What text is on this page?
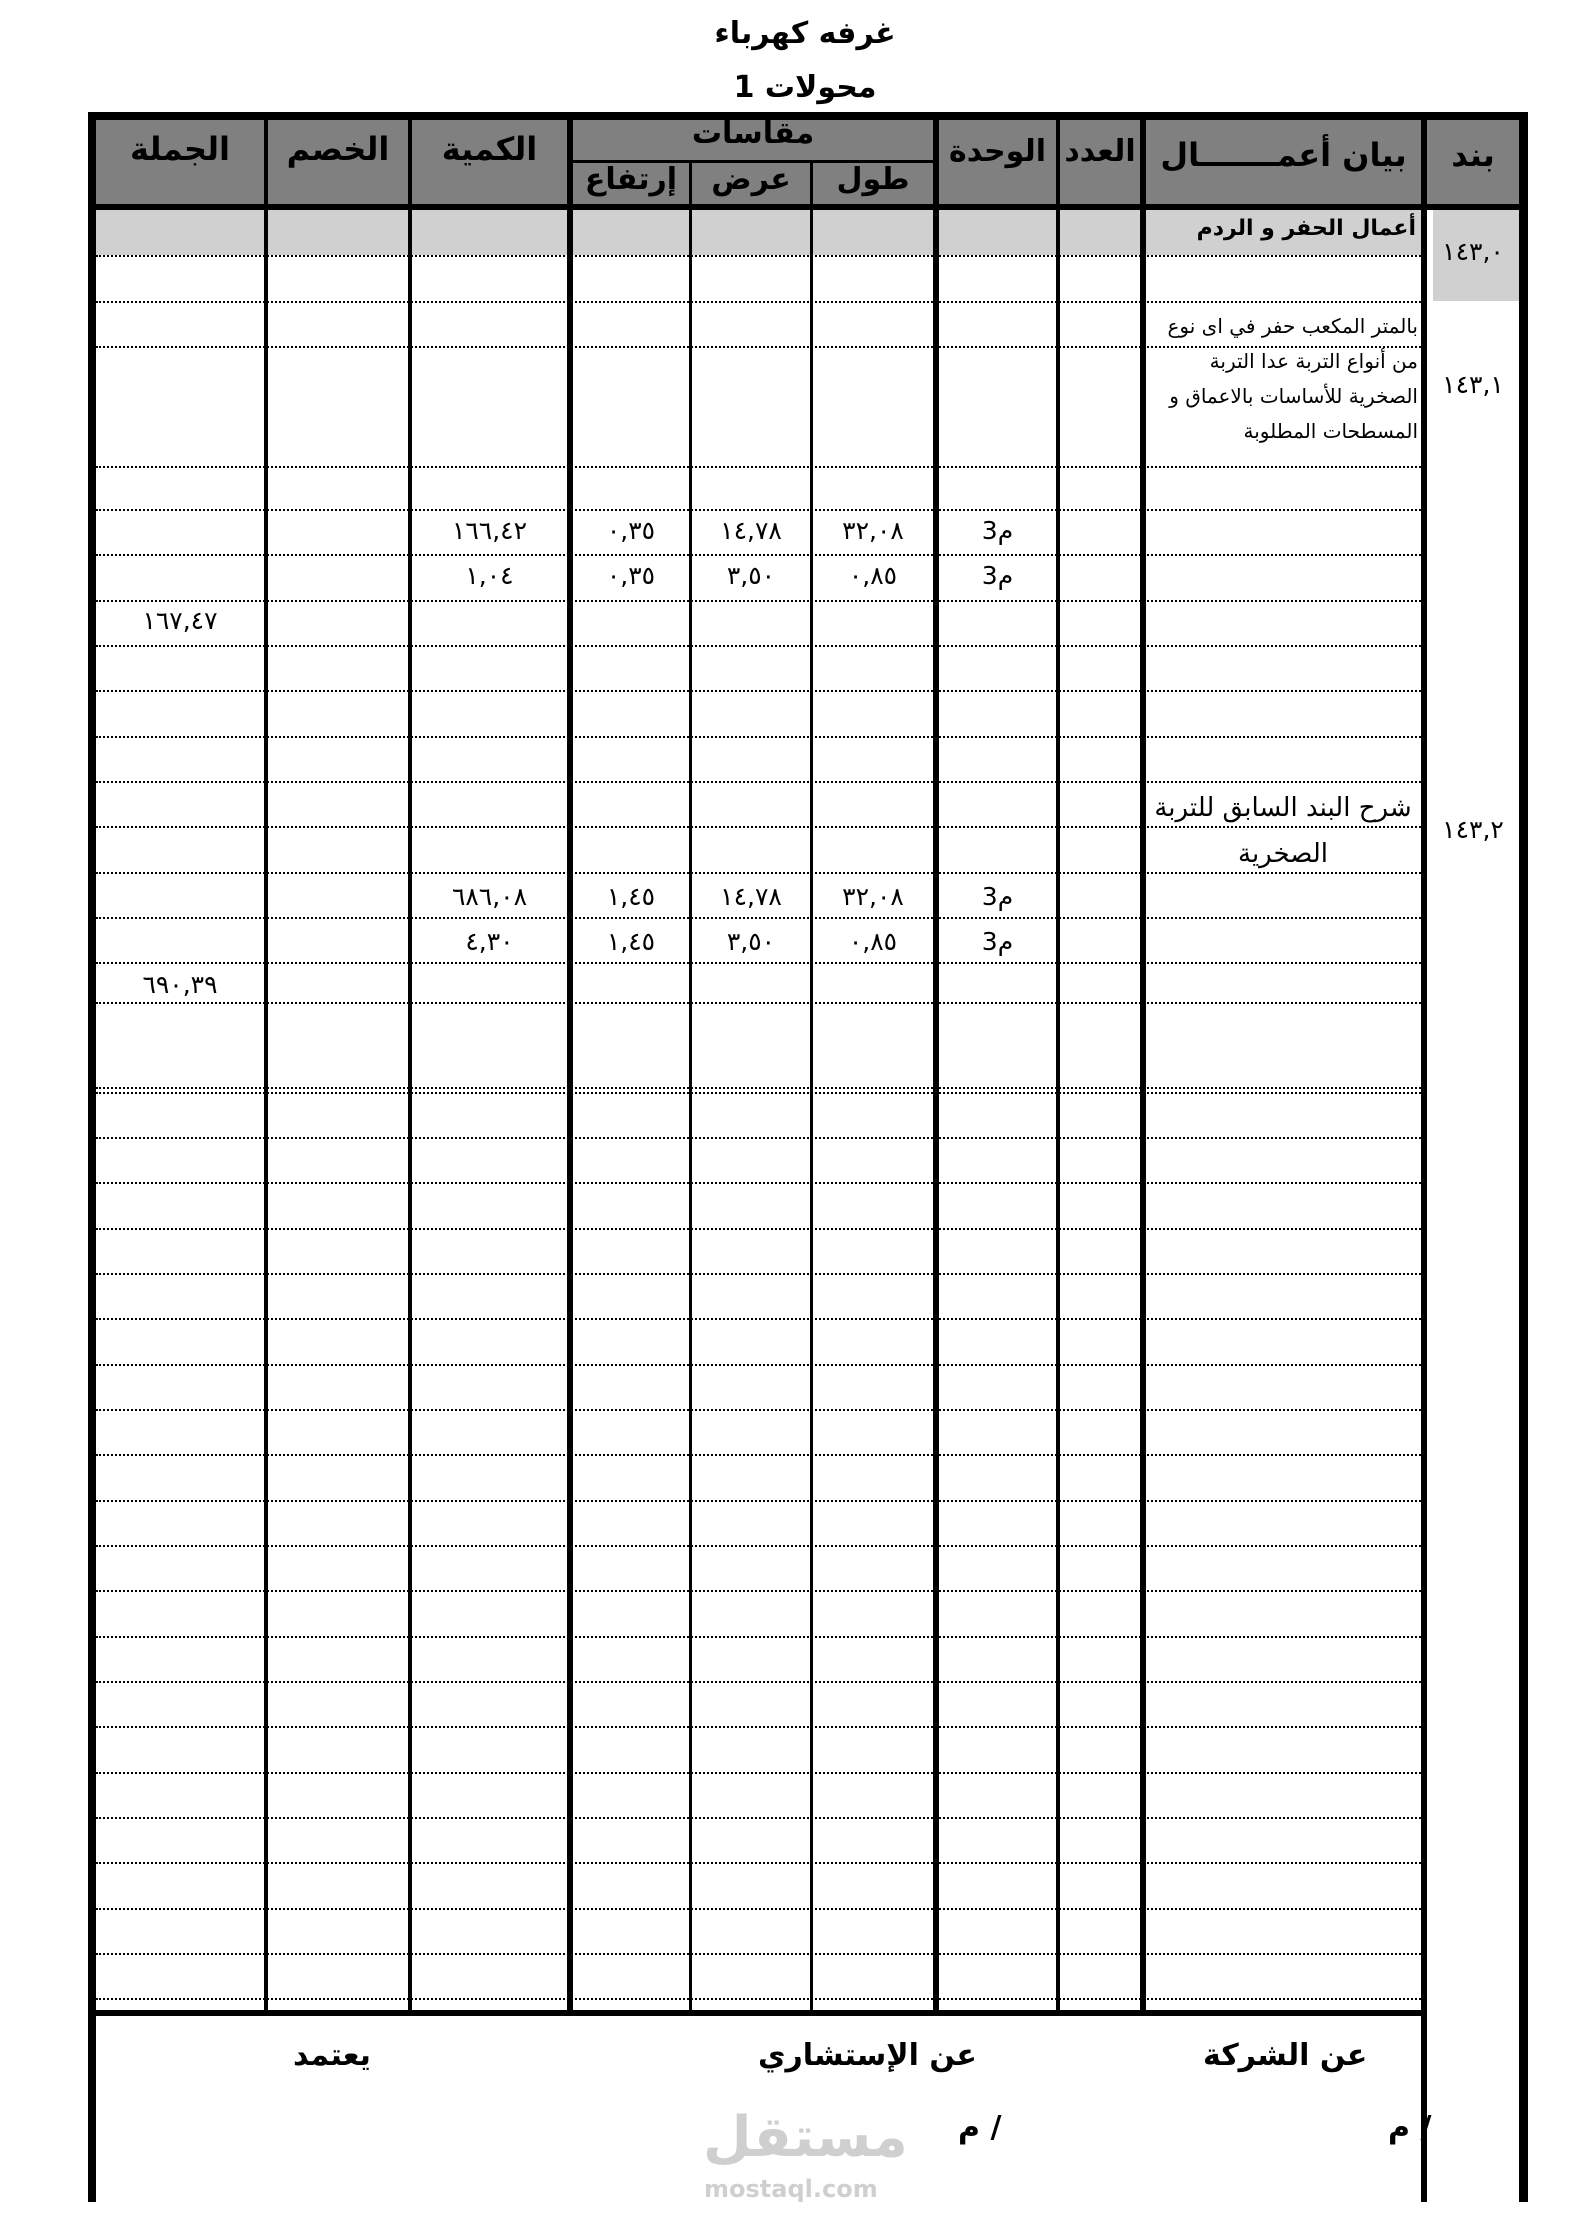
غرفه كهرباء
محولات 1
بند
بيان أعمـــــــال
العدد
الوحدة
مقاسات
طول
عرض
إرتفاع
الكمية
الخصم
الجملة
١٤٣,٠
١٤٣,١
١٤٣,٢
أعمال الحفر و الردم
بالمتر المكعب حفر في اى نوع
من أنواع التربة عدا التربة
الصخرية للأساسات بالاعماق و
المسطحات المطلوبة
شرح البند السابق للتربة
الصخرية
م3
٣٢,٠٨
١٤,٧٨
٠,٣٥
١٦٦,٤٢
م3
٠,٨٥
٣,٥٠
٠,٣٥
١,٠٤
١٦٧,٤٧
م3
٣٢,٠٨
١٤,٧٨
١,٤٥
٦٨٦,٠٨
م3
٠,٨٥
٣,٥٠
١,٤٥
٤,٣٠
٦٩٠,٣٩
عن الشركة
عن الإستشاري
يعتمد
م /
م /
مستقل
mostaql.com
